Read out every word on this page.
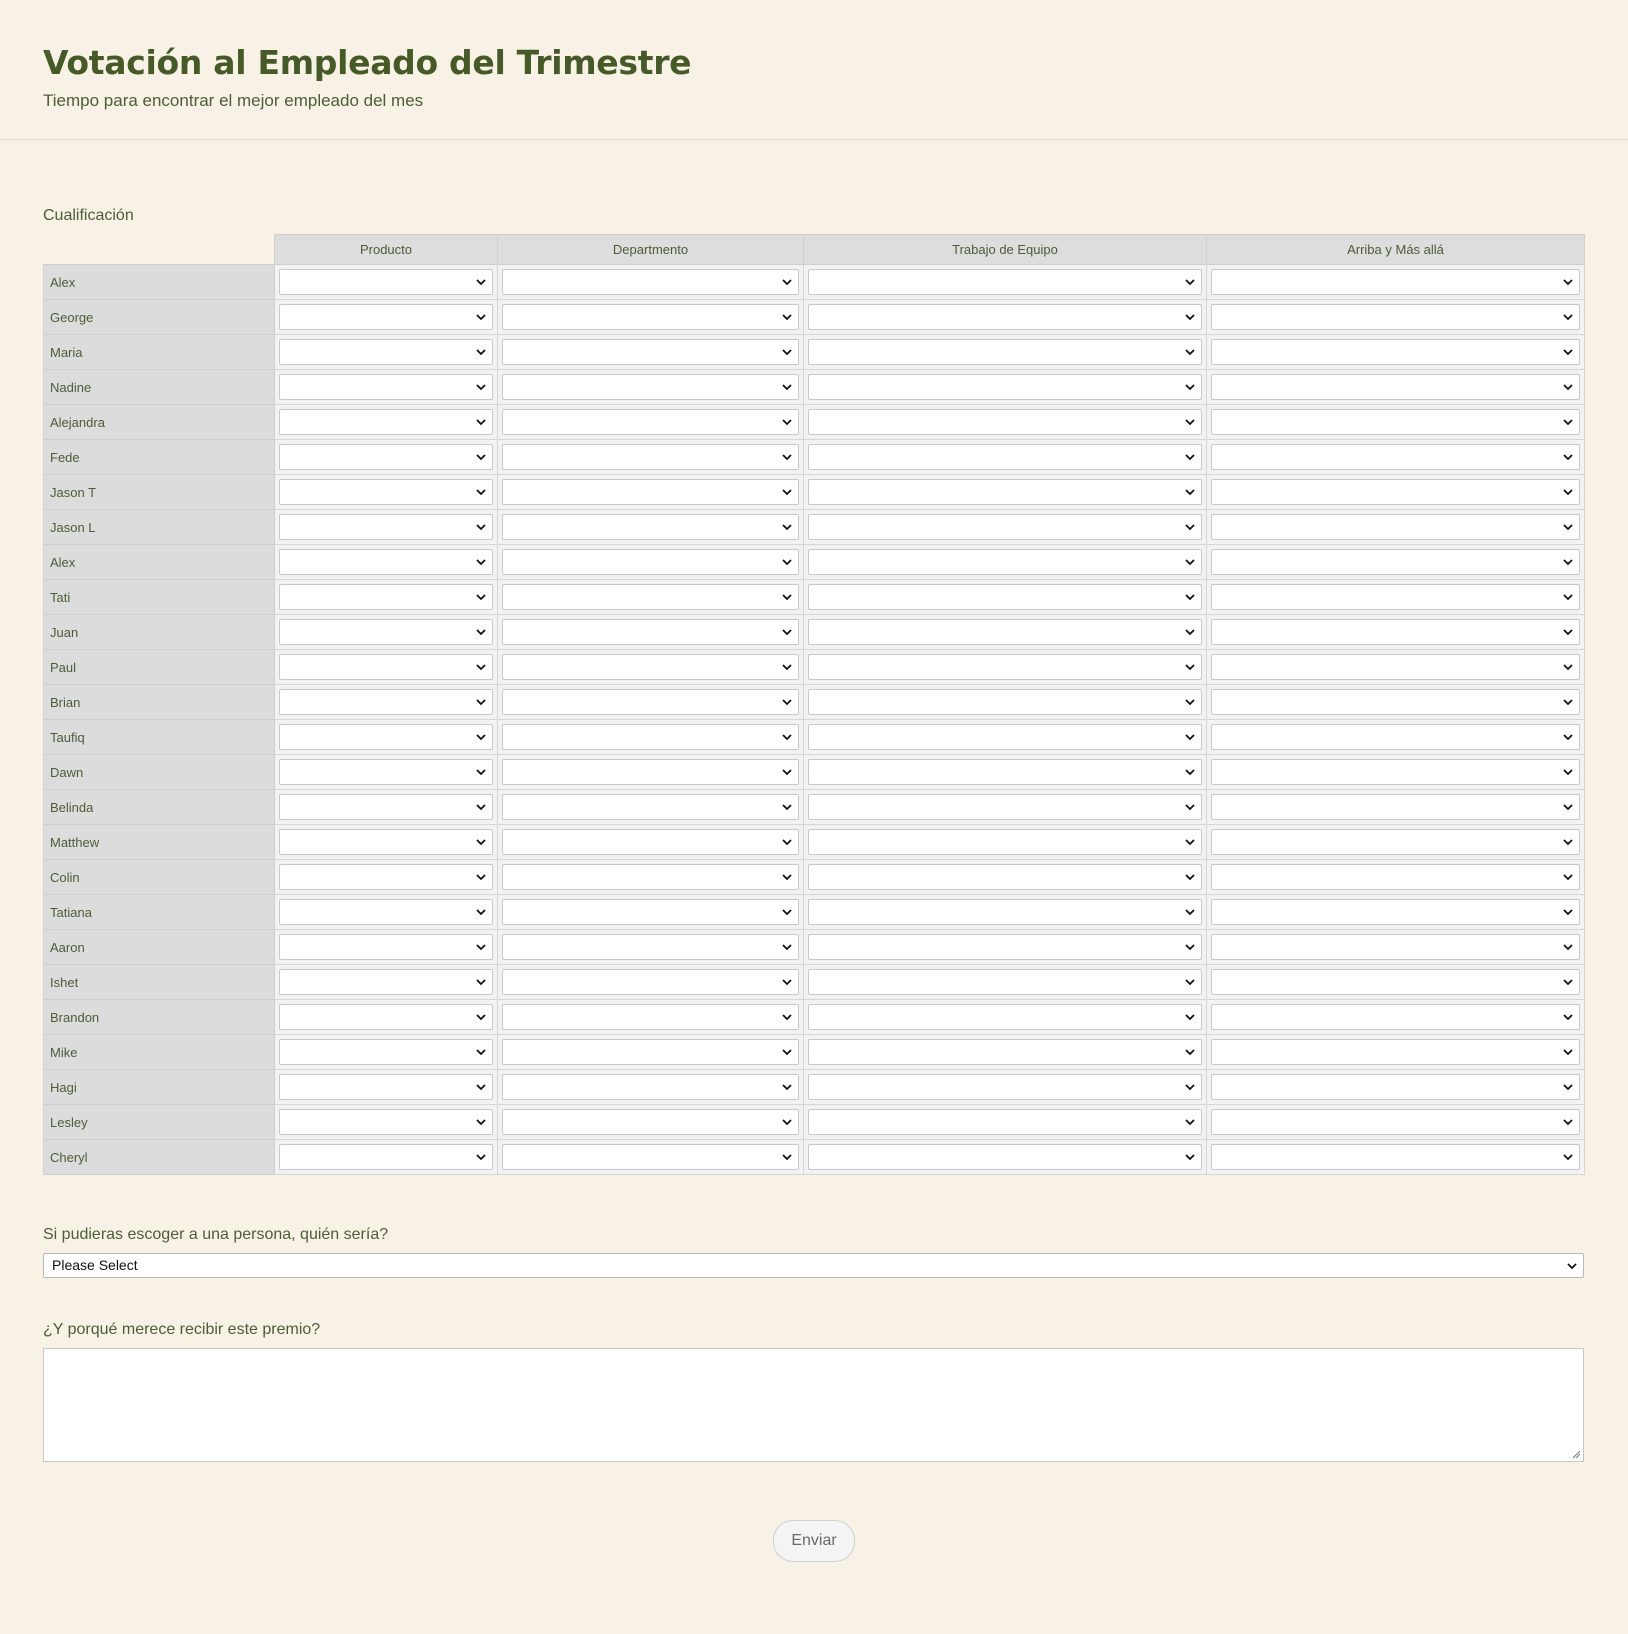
Votación al Empleado del Trimestre
Tiempo para encontrar el mejor empleado del mes
Cualificación
	Producto	Departmento	Trabajo de Equipo	Arriba y Más allá
Alex	

George	

Maria	

Nadine	

Alejandra	

Fede	

Jason T	

Jason L	

Alex	

Tati	

Juan	

Paul	

Brian	

Taufiq	

Dawn	

Belinda	

Matthew	

Colin	

Tatiana	

Aaron	

Ishet	

Brandon	

Mike	

Hagi	

Lesley	

Cheryl	

Si pudieras escoger a una persona, quién sería?
Please Select
¿Y porqué merece recibir este premio?
Enviar
